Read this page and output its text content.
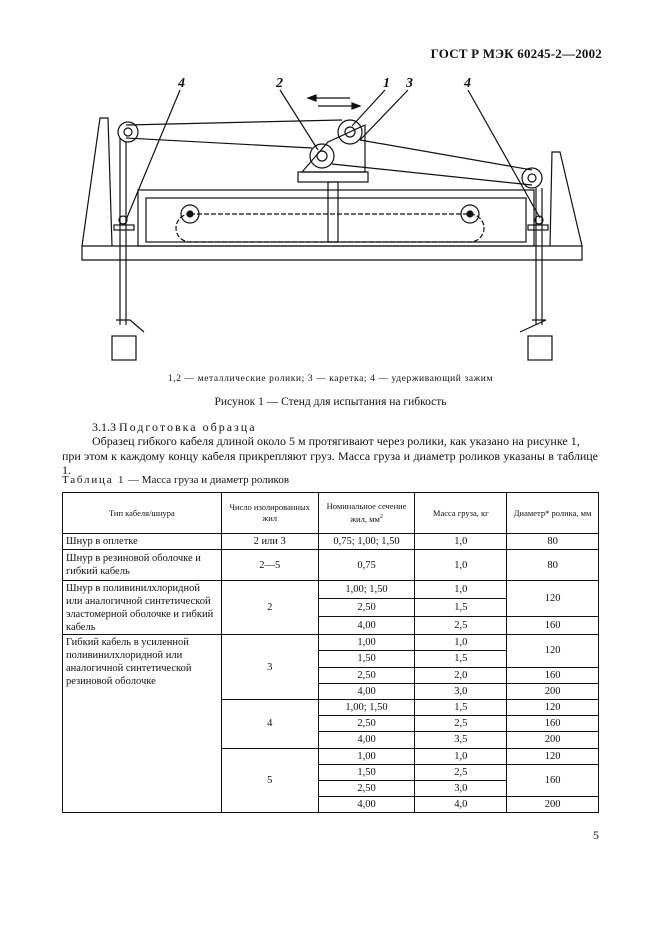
ГОСТ Р МЭК 60245-2—2002
4	2	1 3	4
1,2 — металлические ролики; 3 — каретка; 4 — удерживающий зажим
Рисунок 1 — Стенд для испытания на гибкость
3.1.3 Подготовка образца
Образец гибкого кабеля длиной около 5 м протягивают через ролики, как указано на рисунке 1,
при этом к каждому концу кабеля прикрепляют груз. Масса груза и диаметр роликов указаны в таблице 1.
Таблица 1 — Масса груза и диаметр роликов
Тип кабеля/шнура	Число изолированных жил	Номинальное сечение жил, $мм^2$	Масса груза, кг	Диаметр* ролика, мм
Шнур в оплетке	2 или 3	0,75; 1,00; 1,50	1,0	80
Шнур в резиновой оболочке и гибкий кабель	2—5	0,75	1,0	80
Шнур в поливинилхлоридной или аналогичной синтетической эластомерной оболочке и гибкий кабель	2	1,00; 1,50	1,0	120
		2,50	1,5	
		4,00	2,5	160
Гибкий кабель в усиленной поливинилхлоридной или аналогичной синтетической резиновой оболочке	3	1,00	1,0	120
		1,50	1,5	
		2,50	2,0	160
		4,00	3,0	200
	4	1,00; 1,50	1,5	120
		2,50	2,5	160
		4,00	3,5	200
	5	1,00	1,0	120
		1,50	2,5	160
		2,50	3,0	
		4,00	4,0	200
5
